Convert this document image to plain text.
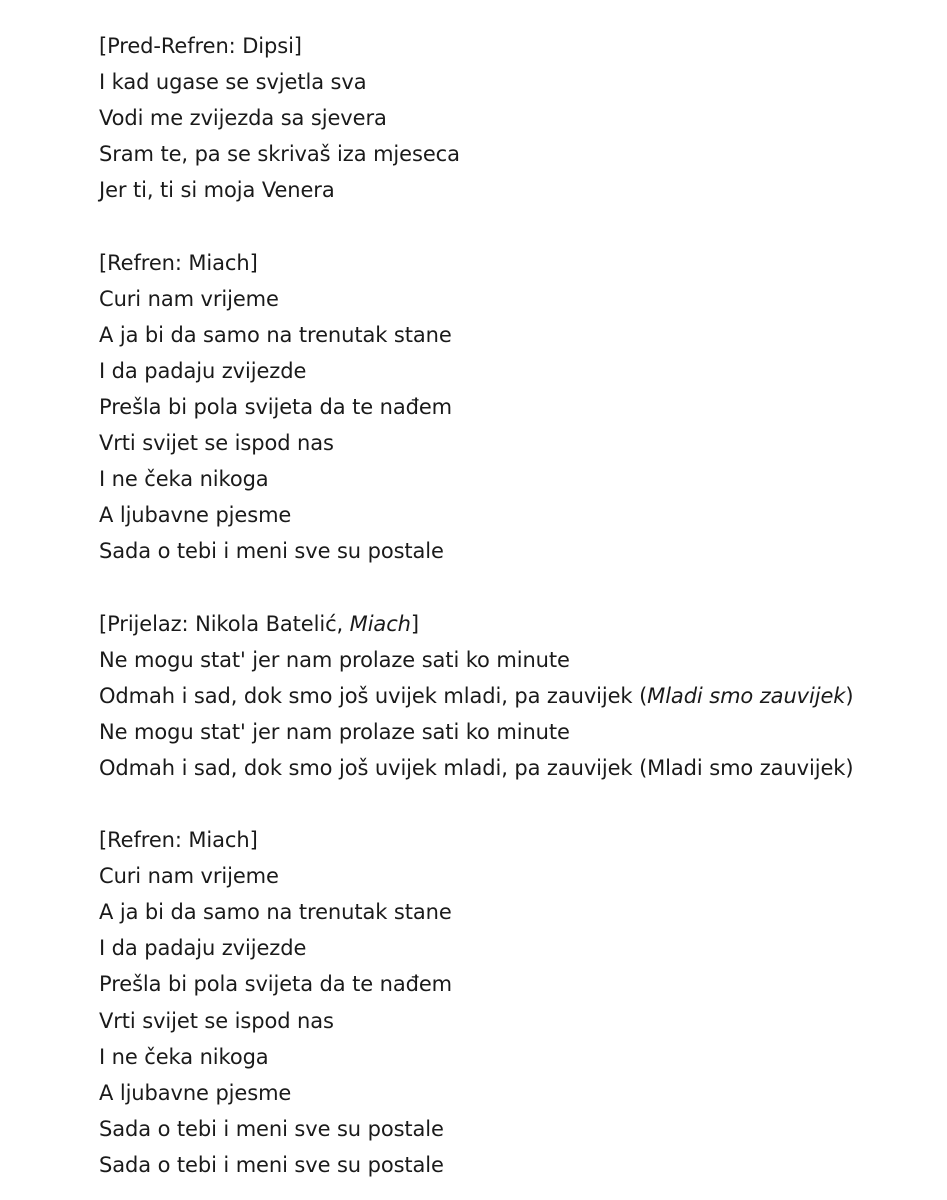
[Pred-Refren: Dipsi]
I kad ugase se svjetla sva
Vodi me zvijezda sa sjevera
Sram te, pa se skrivaš iza mjeseca
Jer ti, ti si moja Venera
[Refren: Miach]
Curi nam vrijeme
A ja bi da samo na trenutak stane
I da padaju zvijezde
Prešla bi pola svijeta da te nađem
Vrti svijet se ispod nas
I ne čeka nikoga
A ljubavne pjesme
Sada o tebi i meni sve su postale
[Prijelaz: Nikola Batelić, Miach]
Ne mogu stat' jer nam prolaze sati ko minute
Odmah i sad, dok smo još uvijek mladi, pa zauvijek (Mladi smo zauvijek)
Ne mogu stat' jer nam prolaze sati ko minute
Odmah i sad, dok smo još uvijek mladi, pa zauvijek (Mladi smo zauvijek)
[Refren: Miach]
Curi nam vrijeme
A ja bi da samo na trenutak stane
I da padaju zvijezde
Prešla bi pola svijeta da te nađem
Vrti svijet se ispod nas
I ne čeka nikoga
A ljubavne pjesme
Sada o tebi i meni sve su postale
Sada o tebi i meni sve su postale
